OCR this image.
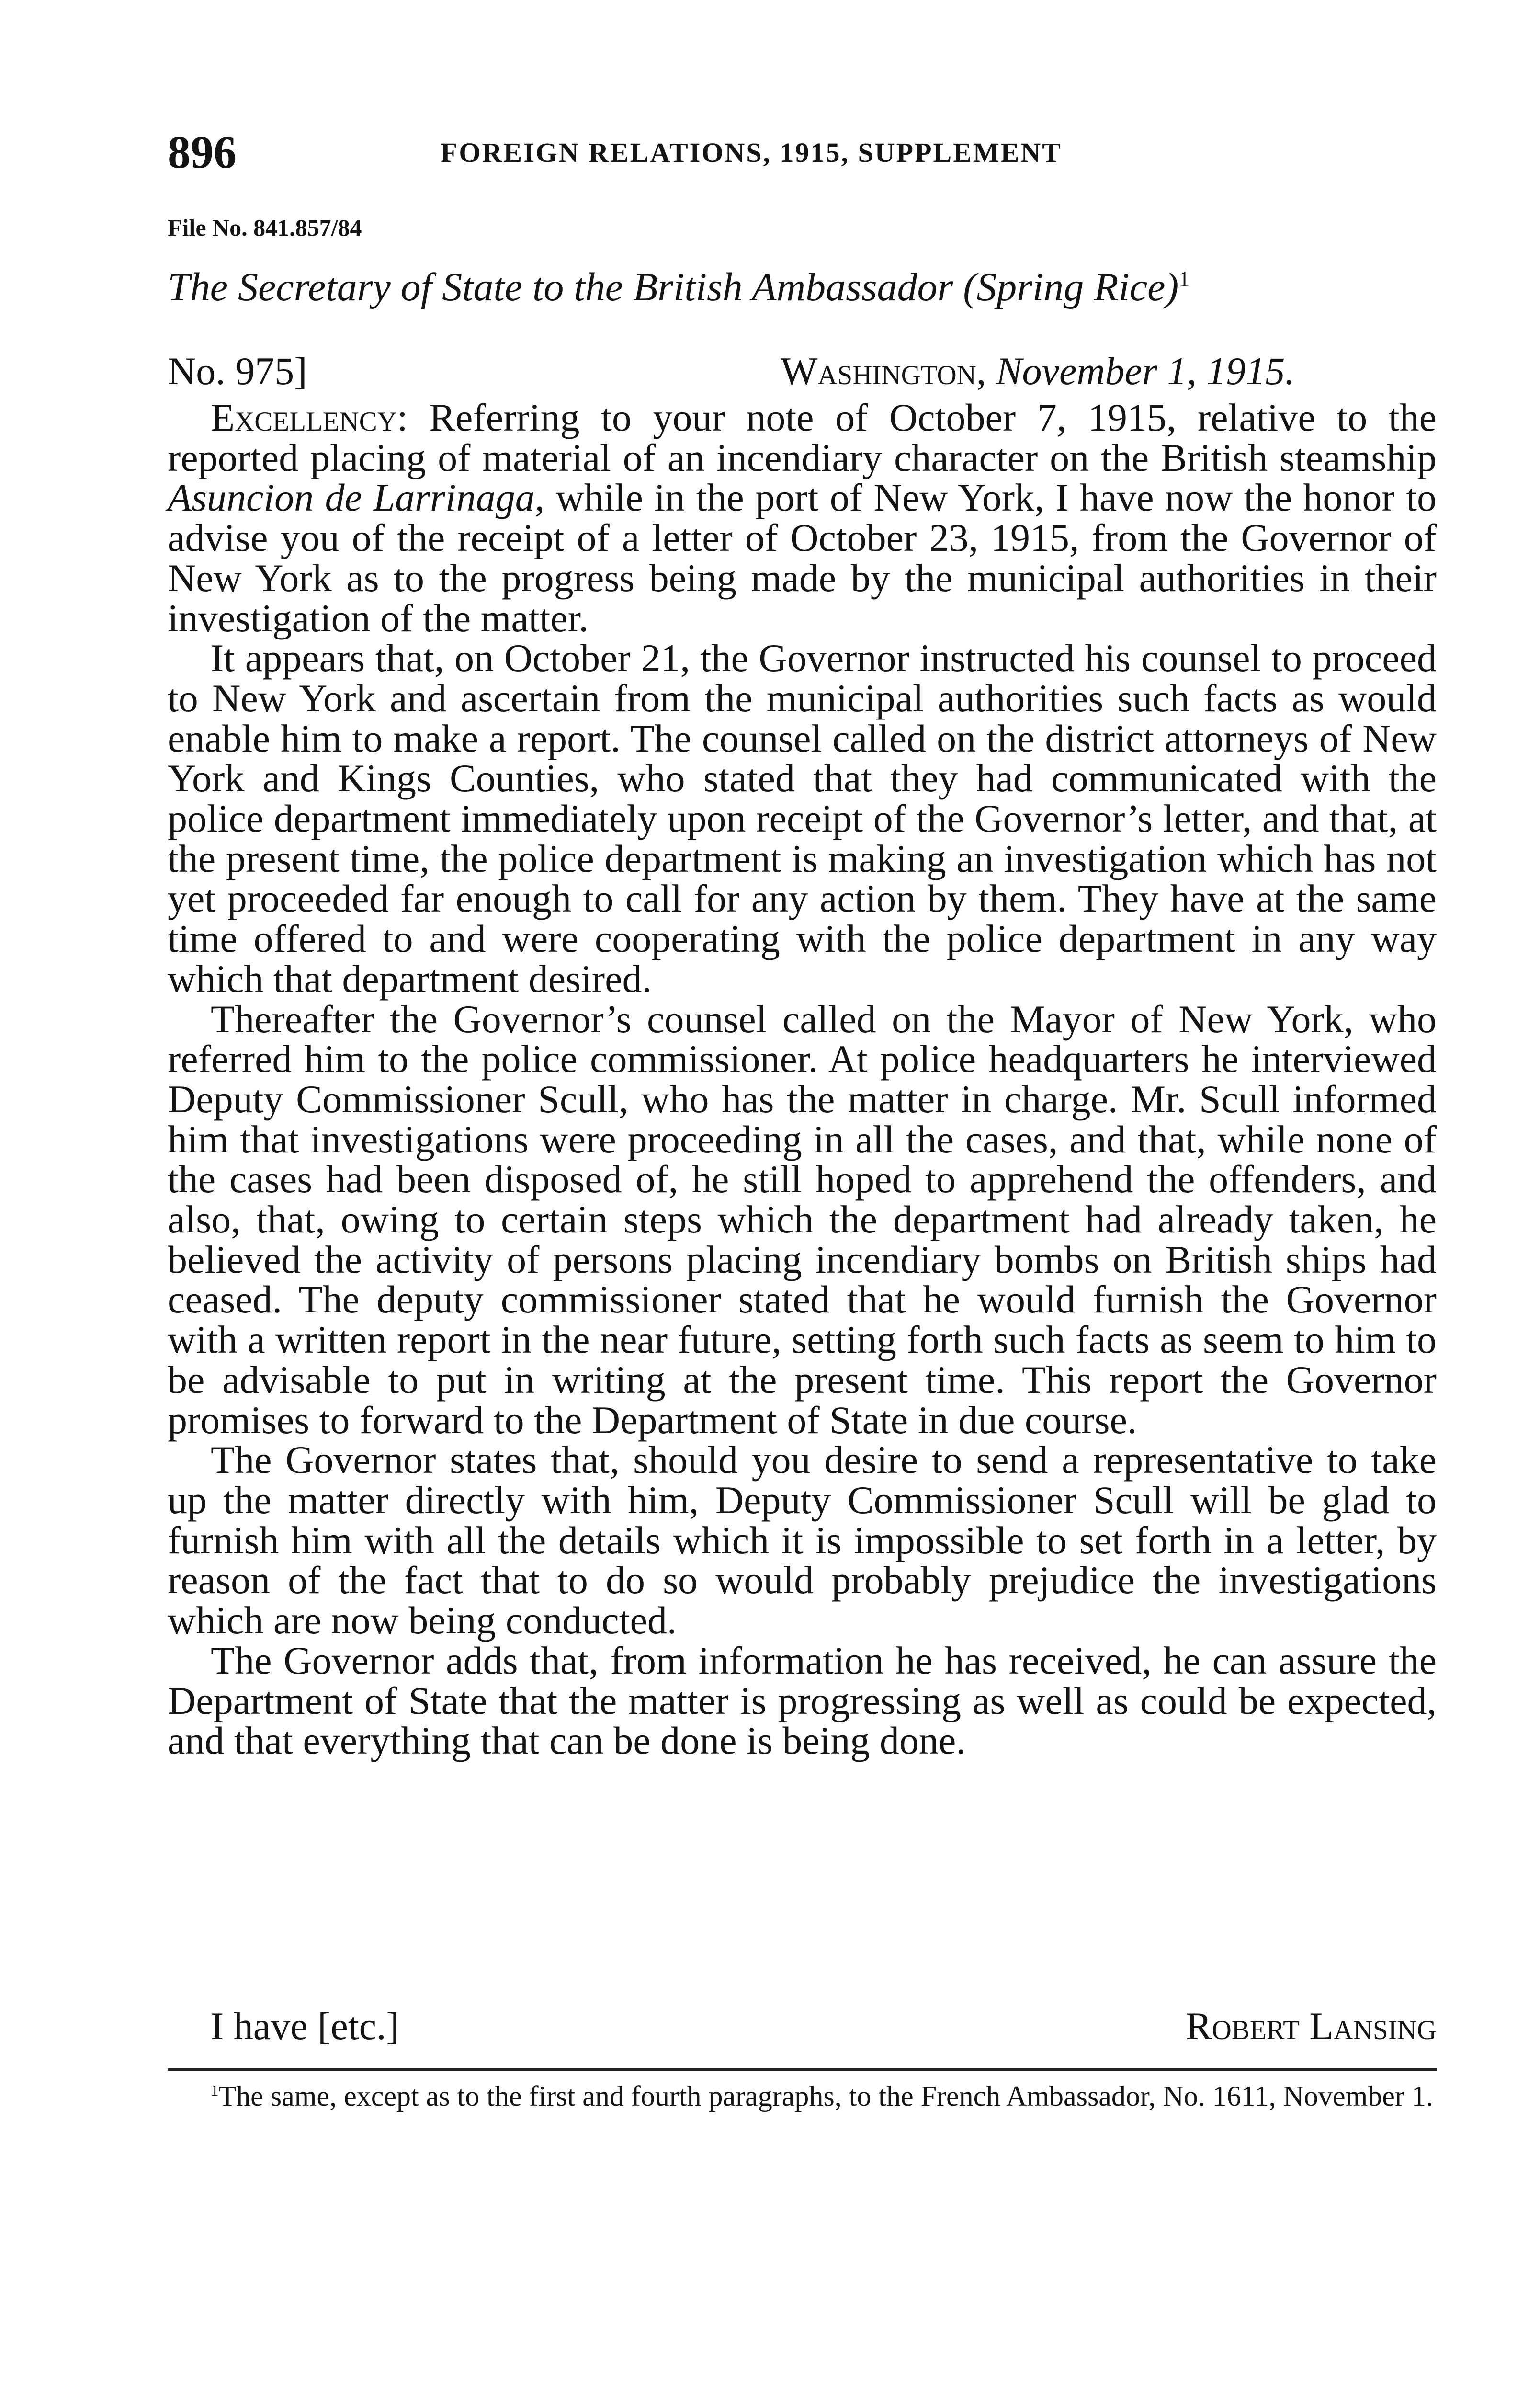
896	FOREIGN RELATIONS, 1915, SUPPLEMENT
File No. 841.857/84
The Secretary of State to the British Ambassador (Spring Rice)$^1$
No. 975]	Washington, November 1, 1915.

Excellency: Referring to your note of October 7, 1915, relative to the reported placing of material of an incendiary character on the British steamship Asuncion de Larrinaga, while in the port of New York, I have now the honor to advise you of the receipt of a letter of October 23, 1915, from the Governor of New York as to the progress being made by the municipal authorities in their investigation of the matter.

It appears that, on October 21, the Governor instructed his counsel to proceed to New York and ascertain from the municipal authorities such facts as would enable him to make a report. The counsel called on the district attorneys of New York and Kings Counties, who stated that they had communicated with the police department immediately upon receipt of the Governor’s letter, and that, at the present time, the police department is making an investigation which has not yet proceeded far enough to call for any action by them. They have at the same time offered to and were cooperating with the police department in any way which that department desired.

Thereafter the Governor’s counsel called on the Mayor of New York, who referred him to the police commissioner. At police headquarters he interviewed Deputy Commissioner Scull, who has the matter in charge. Mr. Scull informed him that investigations were proceeding in all the cases, and that, while none of the cases had been disposed of, he still hoped to apprehend the offenders, and also, that, owing to certain steps which the department had already taken, he believed the activity of persons placing incendiary bombs on British ships had ceased. The deputy commissioner stated that he would furnish the Governor with a written report in the near future, setting forth such facts as seem to him to be advisable to put in writing at the present time. This report the Governor promises to forward to the Department of State in due course.

The Governor states that, should you desire to send a representative to take up the matter directly with him, Deputy Commissioner Scull will be glad to furnish him with all the details which it is impossible to set forth in a letter, by reason of the fact that to do so would probably prejudice the investigations which are now being conducted.

The Governor adds that, from information he has received, he can assure the Department of State that the matter is progressing as well as could be expected, and that everything that can be done is being done.

I have [etc.]	Robert Lansing

$^1$The same, except as to the first and fourth paragraphs, to the French Ambassador, No. 1611, November 1.
